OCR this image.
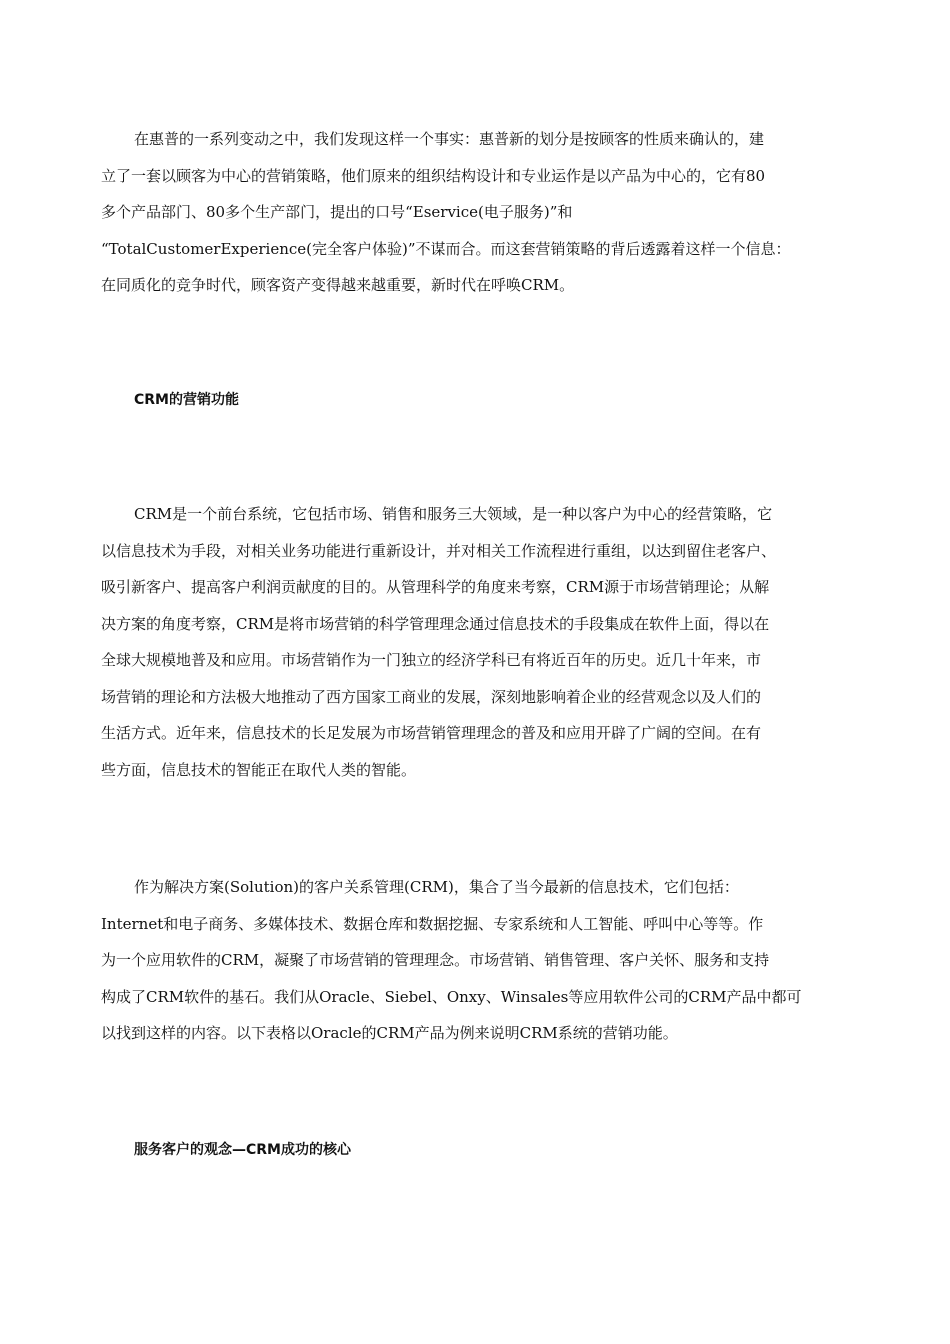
在惠普的一系列变动之中，我们发现这样一个事实：惠普新的划分是按顾客的性质来确认的，建
立了一套以顾客为中心的营销策略，他们原来的组织结构设计和专业运作是以产品为中心的，它有80
多个产品部门、80多个生产部门，提出的口号“Eservice(电子服务)”和
“TotalCustomerExperience(完全客户体验)”不谋而合。而这套营销策略的背后透露着这样一个信息：
在同质化的竞争时代，顾客资产变得越来越重要，新时代在呼唤CRM。
CRM的营销功能
CRM是一个前台系统，它包括市场、销售和服务三大领域，是一种以客户为中心的经营策略，它
以信息技术为手段，对相关业务功能进行重新设计，并对相关工作流程进行重组，以达到留住老客户、
吸引新客户、提高客户利润贡献度的目的。从管理科学的角度来考察，CRM源于市场营销理论；从解
决方案的角度考察，CRM是将市场营销的科学管理理念通过信息技术的手段集成在软件上面，得以在
全球大规模地普及和应用。市场营销作为一门独立的经济学科已有将近百年的历史。近几十年来，市
场营销的理论和方法极大地推动了西方国家工商业的发展，深刻地影响着企业的经营观念以及人们的
生活方式。近年来，信息技术的长足发展为市场营销管理理念的普及和应用开辟了广阔的空间。在有
些方面，信息技术的智能正在取代人类的智能。
作为解决方案(Solution)的客户关系管理(CRM)，集合了当今最新的信息技术，它们包括：
Internet和电子商务、多媒体技术、数据仓库和数据挖掘、专家系统和人工智能、呼叫中心等等。作
为一个应用软件的CRM，凝聚了市场营销的管理理念。市场营销、销售管理、客户关怀、服务和支持
构成了CRM软件的基石。我们从Oracle、Siebel、Onxy、Winsales等应用软件公司的CRM产品中都可
以找到这样的内容。以下表格以Oracle的CRM产品为例来说明CRM系统的营销功能。
服务客户的观念—CRM成功的核心
